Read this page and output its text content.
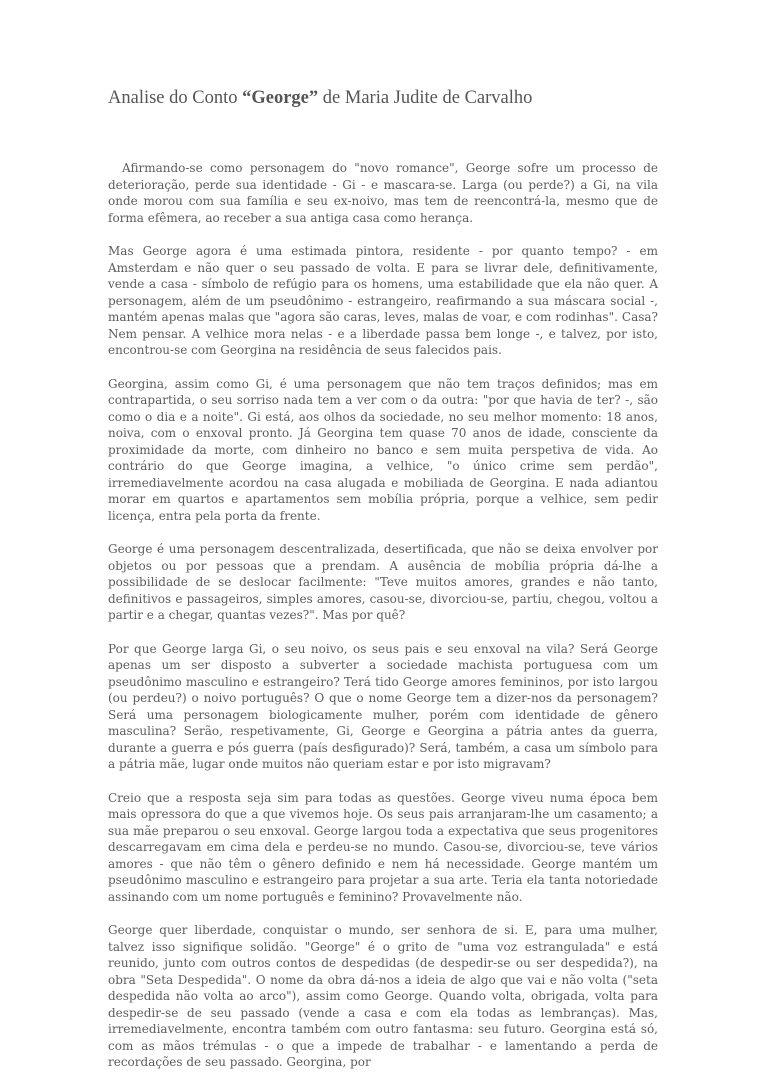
Analise do Conto “George” de Maria Judite de Carvalho

Afirmando-se como personagem do "novo romance", George sofre um processo de deterioração, perde sua identidade - Gi - e mascara-se. Larga (ou perde?) a Gi, na vila onde morou com sua família e seu ex-noivo, mas tem de reencontrá-la, mesmo que de forma efêmera, ao receber a sua antiga casa como herança.

Mas George agora é uma estimada pintora, residente - por quanto tempo? - em Amsterdam e não quer o seu passado de volta. E para se livrar dele, definitivamente, vende a casa - símbolo de refúgio para os homens, uma estabilidade que ela não quer. A personagem, além de um pseudônimo - estrangeiro, reafirmando a sua máscara social -, mantém apenas malas que "agora são caras, leves, malas de voar, e com rodinhas". Casa? Nem pensar. A velhice mora nelas - e a liberdade passa bem longe -, e talvez, por isto, encontrou-se com Georgina na residência de seus falecidos pais.

Georgina, assim como Gi, é uma personagem que não tem traços definidos; mas em contrapartida, o seu sorriso nada tem a ver com o da outra: "por que havia de ter? -, são como o dia e a noite". Gi está, aos olhos da sociedade, no seu melhor momento: 18 anos, noiva, com o enxoval pronto. Já Georgina tem quase 70 anos de idade, consciente da proximidade da morte, com dinheiro no banco e sem muita perspetiva de vida. Ao contrário do que George imagina, a velhice, "o único crime sem perdão", irremediavelmente acordou na casa alugada e mobiliada de Georgina. E nada adiantou morar em quartos e apartamentos sem mobília própria, porque a velhice, sem pedir licença, entra pela porta da frente.

George é uma personagem descentralizada, desertificada, que não se deixa envolver por objetos ou por pessoas que a prendam. A ausência de mobília própria dá-lhe a possibilidade de se deslocar facilmente: "Teve muitos amores, grandes e não tanto, definitivos e passageiros, simples amores, casou-se, divorciou-se, partiu, chegou, voltou a partir e a chegar, quantas vezes?". Mas por quê?

Por que George larga Gi, o seu noivo, os seus pais e seu enxoval na vila? Será George apenas um ser disposto a subverter a sociedade machista portuguesa com um pseudônimo masculino e estrangeiro? Terá tido George amores femininos, por isto largou (ou perdeu?) o noivo português? O que o nome George tem a dizer-nos da personagem? Será uma personagem biologicamente mulher, porém com identidade de gênero masculina? Serão, respetivamente, Gi, George e Georgina a pátria antes da guerra, durante a guerra e pós guerra (país desfigurado)? Será, também, a casa um símbolo para a pátria mãe, lugar onde muitos não queriam estar e por isto migravam?

Creio que a resposta seja sim para todas as questões. George viveu numa época bem mais opressora do que a que vivemos hoje. Os seus pais arranjaram-lhe um casamento; a sua mãe preparou o seu enxoval. George largou toda a expectativa que seus progenitores descarregavam em cima dela e perdeu-se no mundo. Casou-se, divorciou-se, teve vários amores - que não têm o gênero definido e nem há necessidade. George mantém um pseudônimo masculino e estrangeiro para projetar a sua arte. Teria ela tanta notoriedade assinando com um nome português e feminino? Provavelmente não.

George quer liberdade, conquistar o mundo, ser senhora de si. E, para uma mulher, talvez isso signifique solidão. "George" é o grito de "uma voz estrangulada" e está reunido, junto com outros contos de despedidas (de despedir-se ou ser despedida?), na obra "Seta Despedida". O nome da obra dá-nos a ideia de algo que vai e não volta ("seta despedida não volta ao arco"), assim como George. Quando volta, obrigada, volta para despedir-se de seu passado (vende a casa e com ela todas as lembranças). Mas, irremediavelmente, encontra também com outro fantasma: seu futuro. Georgina está só, com as mãos trémulas - o que a impede de trabalhar - e lamentando a perda de recordações de seu passado. Georgina, por
